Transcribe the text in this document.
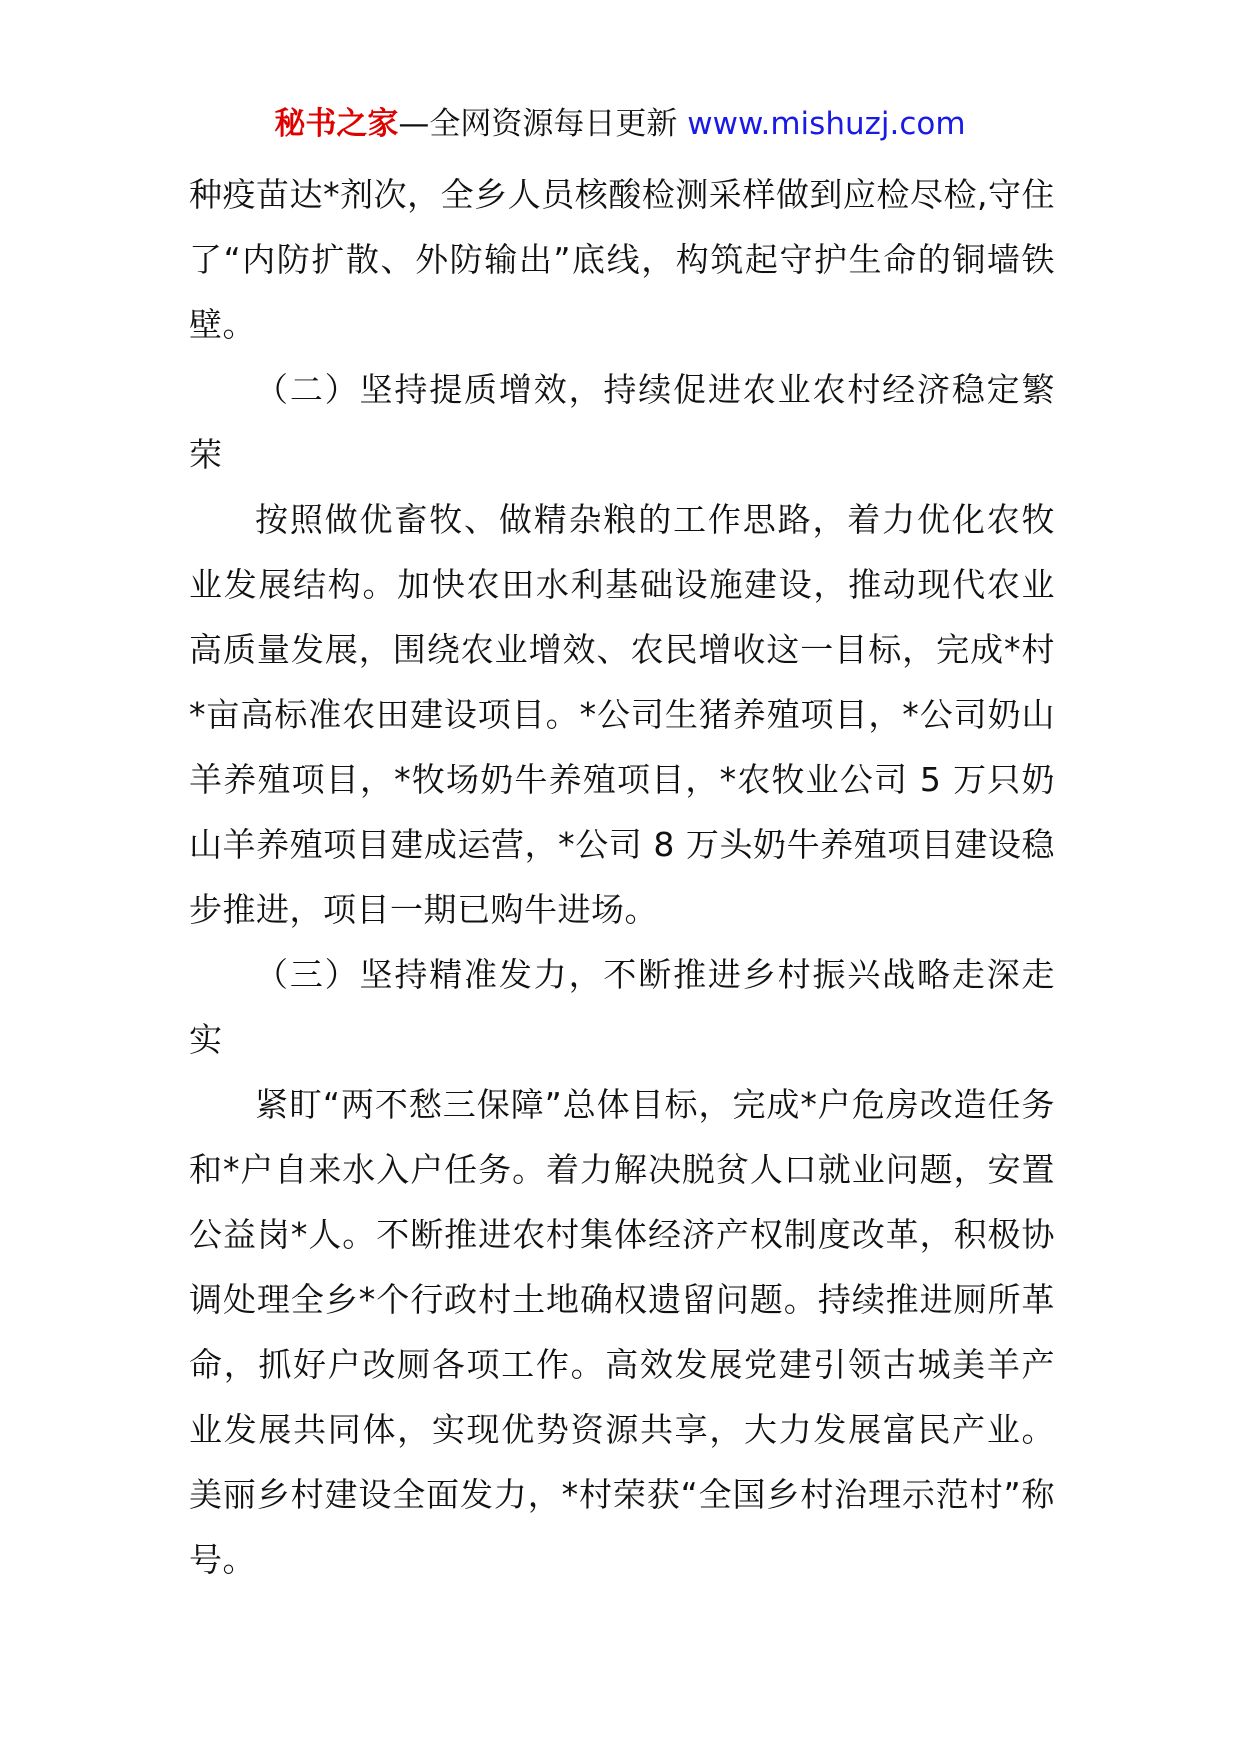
秘书之家—全网资源每日更新 www.mishuzj.com

种疫苗达*剂次，全乡人员核酸检测采样做到应检尽检,守住了“内防扩散、外防输出”底线，构筑起守护生命的铜墙铁壁。

（二）坚持提质增效，持续促进农业农村经济稳定繁荣

按照做优畜牧、做精杂粮的工作思路，着力优化农牧业发展结构。加快农田水利基础设施建设，推动现代农业高质量发展，围绕农业增效、农民增收这一目标，完成*村*亩高标准农田建设项目。*公司生猪养殖项目，*公司奶山羊养殖项目，*牧场奶牛养殖项目，*农牧业公司 5 万只奶山羊养殖项目建成运营，*公司 8 万头奶牛养殖项目建设稳步推进，项目一期已购牛进场。

（三）坚持精准发力，不断推进乡村振兴战略走深走实

紧盯“两不愁三保障”总体目标，完成*户危房改造任务和*户自来水入户任务。着力解决脱贫人口就业问题，安置公益岗*人。不断推进农村集体经济产权制度改革，积极协调处理全乡*个行政村土地确权遗留问题。持续推进厕所革命，抓好户改厕各项工作。高效发展党建引领古城美羊产业发展共同体，实现优势资源共享，大力发展富民产业。美丽乡村建设全面发力，*村荣获“全国乡村治理示范村”称号。
